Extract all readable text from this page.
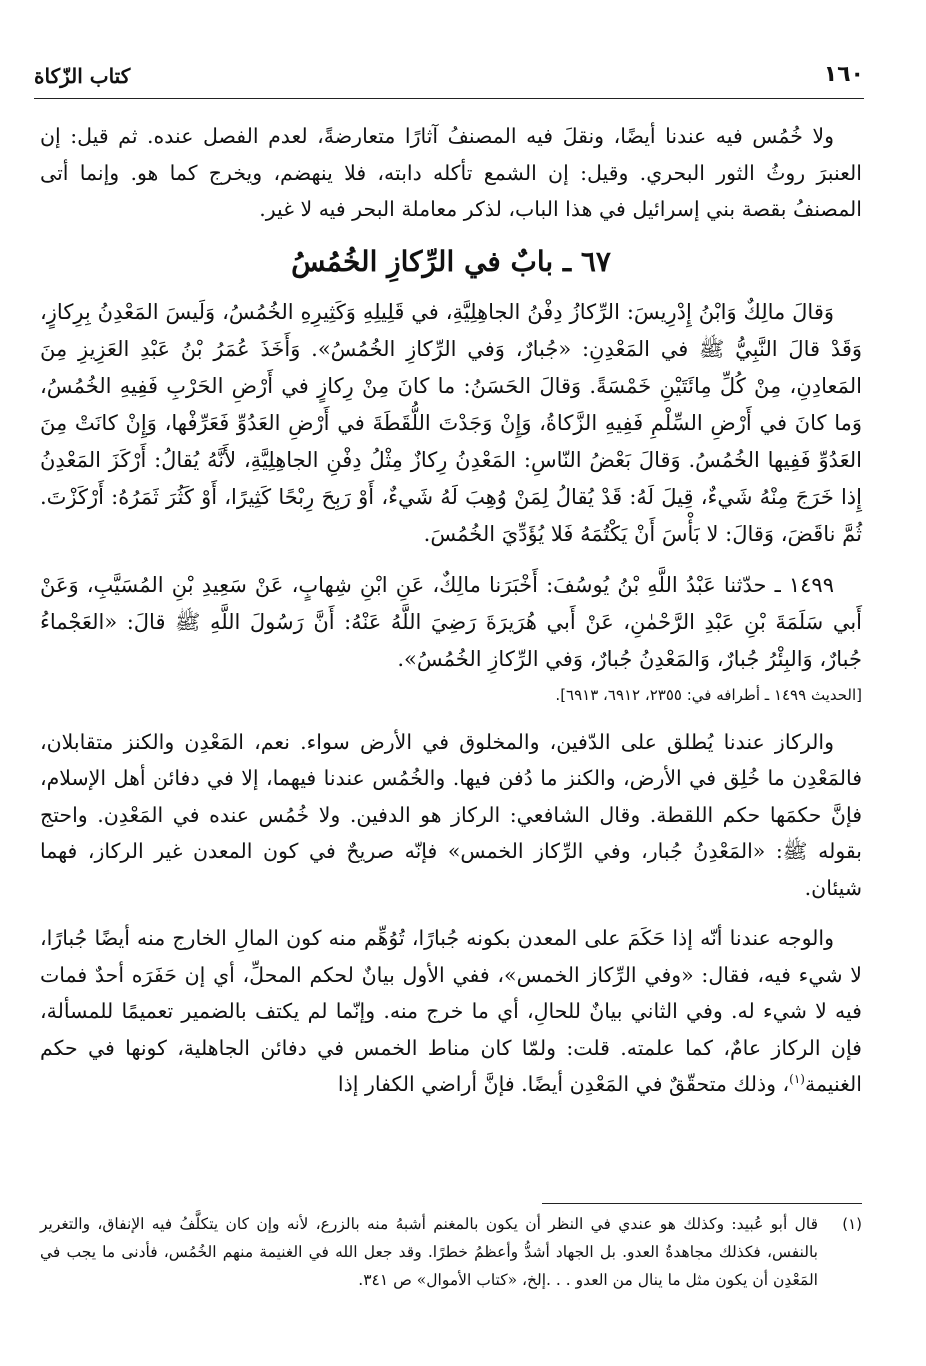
١٦٠
كتاب الزّكاة

ولا خُمُس فيه عندنا أيضًا، ونقلَ فيه المصنفُ آثارًا متعارضةً، لعدم الفصل عنده. ثم قيل: إن العنبرَ روثُ الثور البحري. وقيل: إن الشمع تأكله دابته، فلا ينهضم، ويخرج كما هو. وإنما أتى المصنفُ بقصة بني إسرائيل في هذا الباب، لذكر معاملة البحر فيه لا غير.

٦٧ ـ بابٌ في الرِّكازِ الخُمُسُ

وَقالَ مالِكٌ وَابْنُ إِدْرِيسَ: الرِّكازُ دِفْنُ الجاهِلِيَّةِ، في قَلِيلِهِ وَكَثِيرِهِ الخُمُسُ، وَلَيسَ المَعْدِنُ بِرِكازٍ، وَقَدْ قالَ النَّبِيُّ ﷺ في المَعْدِنِ: «جُبارٌ، وَفي الرِّكازِ الخُمُسُ». وَأَخَذَ عُمَرُ بْنُ عَبْدِ العَزِيزِ مِنَ المَعادِنِ، مِنْ كُلِّ مِائَتَيْنِ خَمْسَةً. وَقالَ الحَسَنُ: ما كانَ مِنْ رِكازٍ في أَرْضِ الحَرْبِ فَفِيهِ الخُمُسُ، وَما كانَ في أَرْضِ السِّلْمِ فَفِيهِ الزَّكاةُ، وَإِنْ وَجَدْتَ اللُّقَطَةَ في أَرْضِ العَدُوِّ فَعَرِّفْها، وَإِنْ كانَتْ مِنَ العَدُوِّ فَفِيها الخُمُسُ. وَقالَ بَعْضُ النّاسِ: المَعْدِنُ رِكازٌ مِثْلُ دِفْنِ الجاهِلِيَّةِ، لأَنَّهُ يُقالُ: أَرْكَزَ المَعْدِنُ إِذا خَرَجَ مِنْهُ شَيءٌ، قِيلَ لَهُ: قَدْ يُقالُ لِمَنْ وُهِبَ لَهُ شَيءٌ، أَوْ رَبِحَ رِبْحًا كَثِيرًا، أَوْ كَثُرَ ثَمَرُهُ: أَرْكَزْتَ. ثُمَّ ناقَضَ، وَقالَ: لا بَأْسَ أَنْ يَكْتُمَهُ فَلا يُؤَدِّيَ الخُمُسَ.

١٤٩٩ ـ حدّثنا عَبْدُ اللَّهِ بْنُ يُوسُفَ: أَخْبَرَنا مالِكٌ، عَنِ ابْنِ شِهابٍ، عَنْ سَعِيدِ بْنِ المُسَيَّبِ، وَعَنْ أَبي سَلَمَةَ بْنِ عَبْدِ الرَّحْمٰنِ، عَنْ أَبي هُرَيرَةَ رَضِيَ اللَّهُ عَنْهُ: أَنَّ رَسُولَ اللَّهِ ﷺ قالَ: «العَجْماءُ جُبارٌ، وَالبِئْرُ جُبارٌ، وَالمَعْدِنُ جُبارٌ، وَفي الرِّكازِ الخُمُسُ».

[الحديث ١٤٩٩ ـ أطرافه في: ٢٣٥٥، ٦٩١٢، ٦٩١٣].

والركاز عندنا يُطلق على الدّفين، والمخلوق في الأرض سواء. نعم، المَعْدِن والكنز متقابلان، فالمَعْدِن ما خُلِق في الأرض، والكنز ما دُفن فيها. والخُمُس عندنا فيهما، إلا في دفائن أهل الإسلام، فإنَّ حكمَها حكم اللقطة. وقال الشافعي: الركاز هو الدفين. ولا خُمُس عنده في المَعْدِن. واحتج بقوله ﷺ: «المَعْدِنُ جُبار، وفي الرِّكاز الخمس» فإنّه صريحٌ في كون المعدن غير الركاز، فهما شيئان.

والوجه عندنا أنّه إذا حَكَمَ على المعدن بكونه جُبارًا، تُوُهِّم منه كون المالِ الخارج منه أيضًا جُبارًا، لا شيء فيه، فقال: «وفي الرِّكاز الخمس»، ففي الأول بيانٌ لحكم المحلِّ، أي إن حَفَرَه أحدٌ فمات فيه لا شيء له. وفي الثاني بيانٌ للحالِ، أي ما خرج منه. وإنّما لم يكتف بالضمير تعميمًا للمسألة، فإن الركاز عامٌ، كما علمته. قلت: ولمّا كان مناط الخمس في دفائن الجاهلية، كونها في حكم الغنيمة$^{(١)}$، وذلك متحقّقٌ في المَعْدِن أيضًا. فإنَّ أراضي الكفار إذا

(١)
قال أبو عُبيد: وكذلك هو عندي في النظر أن يكون بالمغنم أشبهُ منه بالزرع، لأنه وإن كان يتكلَّفُ فيه الإنفاق، والتغرير بالنفس، فكذلك مجاهدةُ العدو. بل الجهاد أشدُّ وأعظمُ خطرًا. وقد جعل الله في الغنيمة منهم الخُمُس، فأدنى ما يجب في المَعْدِن أن يكون مثل ما ينال من العدو . . .إلخ، «كتاب الأموال» ص ٣٤١.
